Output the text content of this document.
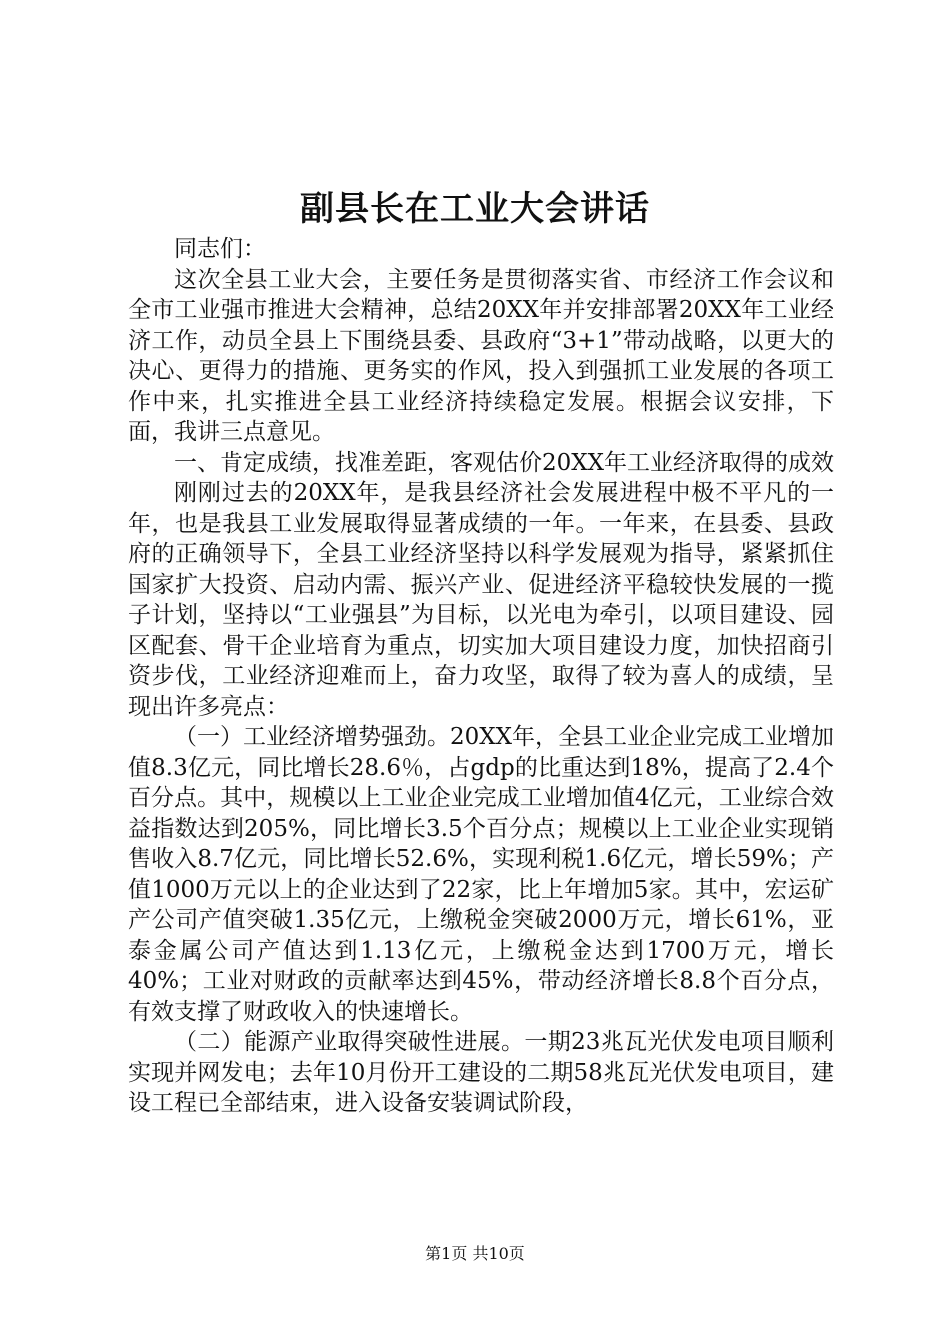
副县长在工业大会讲话

同志们：

这次全县工业大会，主要任务是贯彻落实省、市经济工作会议和全市工业强市推进大会精神，总结20XX年并安排部署20XX年工业经济工作，动员全县上下围绕县委、县政府“3+1”带动战略，以更大的决心、更得力的措施、更务实的作风，投入到强抓工业发展的各项工作中来，扎实推进全县工业经济持续稳定发展。根据会议安排，下面，我讲三点意见。

一、肯定成绩，找准差距，客观估价20XX年工业经济取得的成效

刚刚过去的20XX年，是我县经济社会发展进程中极不平凡的一年，也是我县工业发展取得显著成绩的一年。一年来，在县委、县政府的正确领导下，全县工业经济坚持以科学发展观为指导，紧紧抓住国家扩大投资、启动内需、振兴产业、促进经济平稳较快发展的一揽子计划，坚持以“工业强县”为目标，以光电为牵引，以项目建设、园区配套、骨干企业培育为重点，切实加大项目建设力度，加快招商引资步伐，工业经济迎难而上，奋力攻坚，取得了较为喜人的成绩，呈现出许多亮点：

（一）工业经济增势强劲。20XX年，全县工业企业完成工业增加值8.3亿元，同比增长28.6％，占gdp的比重达到18%，提高了2.4个百分点。其中，规模以上工业企业完成工业增加值4亿元，工业综合效益指数达到205%，同比增长3.5个百分点；规模以上工业企业实现销售收入8.7亿元，同比增长52.6%，实现利税1.6亿元，增长59%；产值1000万元以上的企业达到了22家，比上年增加5家。其中，宏运矿产公司产值突破1.35亿元，上缴税金突破2000万元，增长61%，亚泰金属公司产值达到1.13亿元，上缴税金达到1700万元，增长40%；工业对财政的贡献率达到45%，带动经济增长8.8个百分点，有效支撑了财政收入的快速增长。

（二）能源产业取得突破性进展。一期23兆瓦光伏发电项目顺利实现并网发电；去年10月份开工建设的二期58兆瓦光伏发电项目，建设工程已全部结束，进入设备安装调试阶段，

第1页 共10页
